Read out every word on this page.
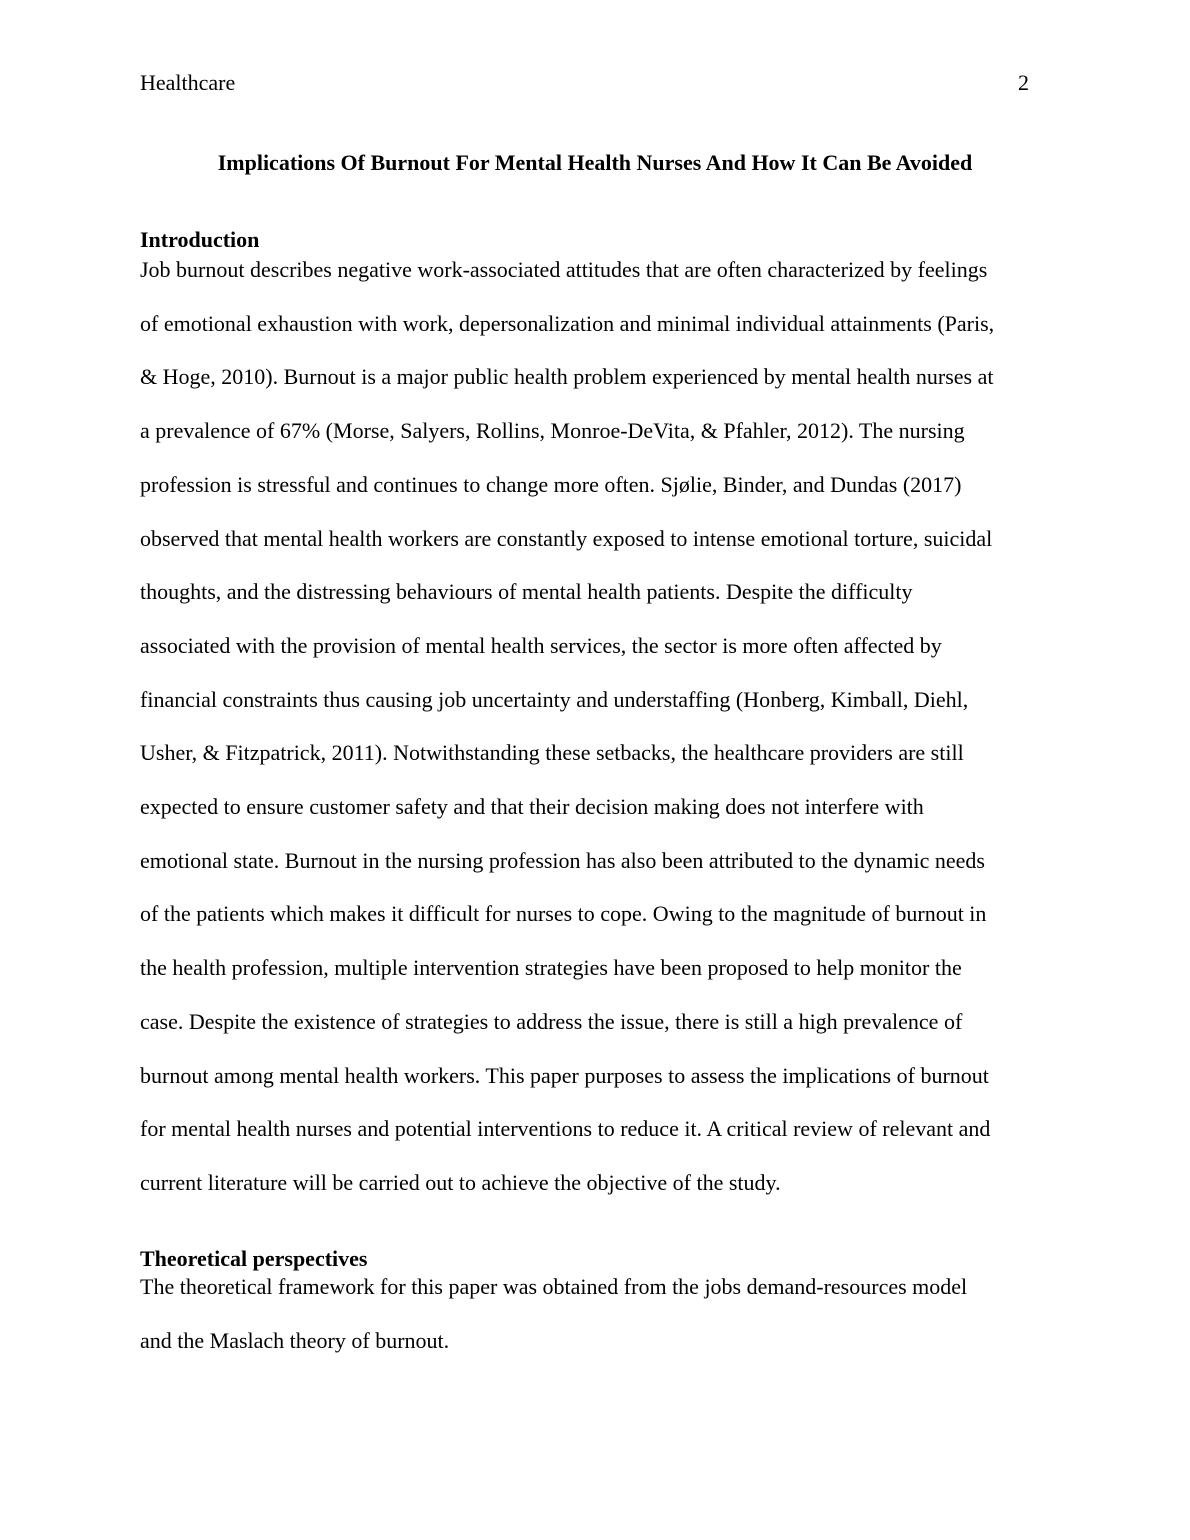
Healthcare	2
Implications Of Burnout For Mental Health Nurses And How It Can Be Avoided
Introduction
Job burnout describes negative work-associated attitudes that are often characterized by feelings
of emotional exhaustion with work, depersonalization and minimal individual attainments (Paris,
& Hoge, 2010). Burnout is a major public health problem experienced by mental health nurses at
a prevalence of 67% (Morse, Salyers, Rollins, Monroe-DeVita, & Pfahler, 2012). The nursing
profession is stressful and continues to change more often. Sjølie, Binder, and Dundas (2017)
observed that mental health workers are constantly exposed to intense emotional torture, suicidal
thoughts, and the distressing behaviours of mental health patients. Despite the difficulty
associated with the provision of mental health services, the sector is more often affected by
financial constraints thus causing job uncertainty and understaffing (Honberg, Kimball, Diehl,
Usher, & Fitzpatrick, 2011). Notwithstanding these setbacks, the healthcare providers are still
expected to ensure customer safety and that their decision making does not interfere with
emotional state. Burnout in the nursing profession has also been attributed to the dynamic needs
of the patients which makes it difficult for nurses to cope. Owing to the magnitude of burnout in
the health profession, multiple intervention strategies have been proposed to help monitor the
case. Despite the existence of strategies to address the issue, there is still a high prevalence of
burnout among mental health workers. This paper purposes to assess the implications of burnout
for mental health nurses and potential interventions to reduce it. A critical review of relevant and
current literature will be carried out to achieve the objective of the study.
Theoretical perspectives
The theoretical framework for this paper was obtained from the jobs demand-resources model
and the Maslach theory of burnout.
